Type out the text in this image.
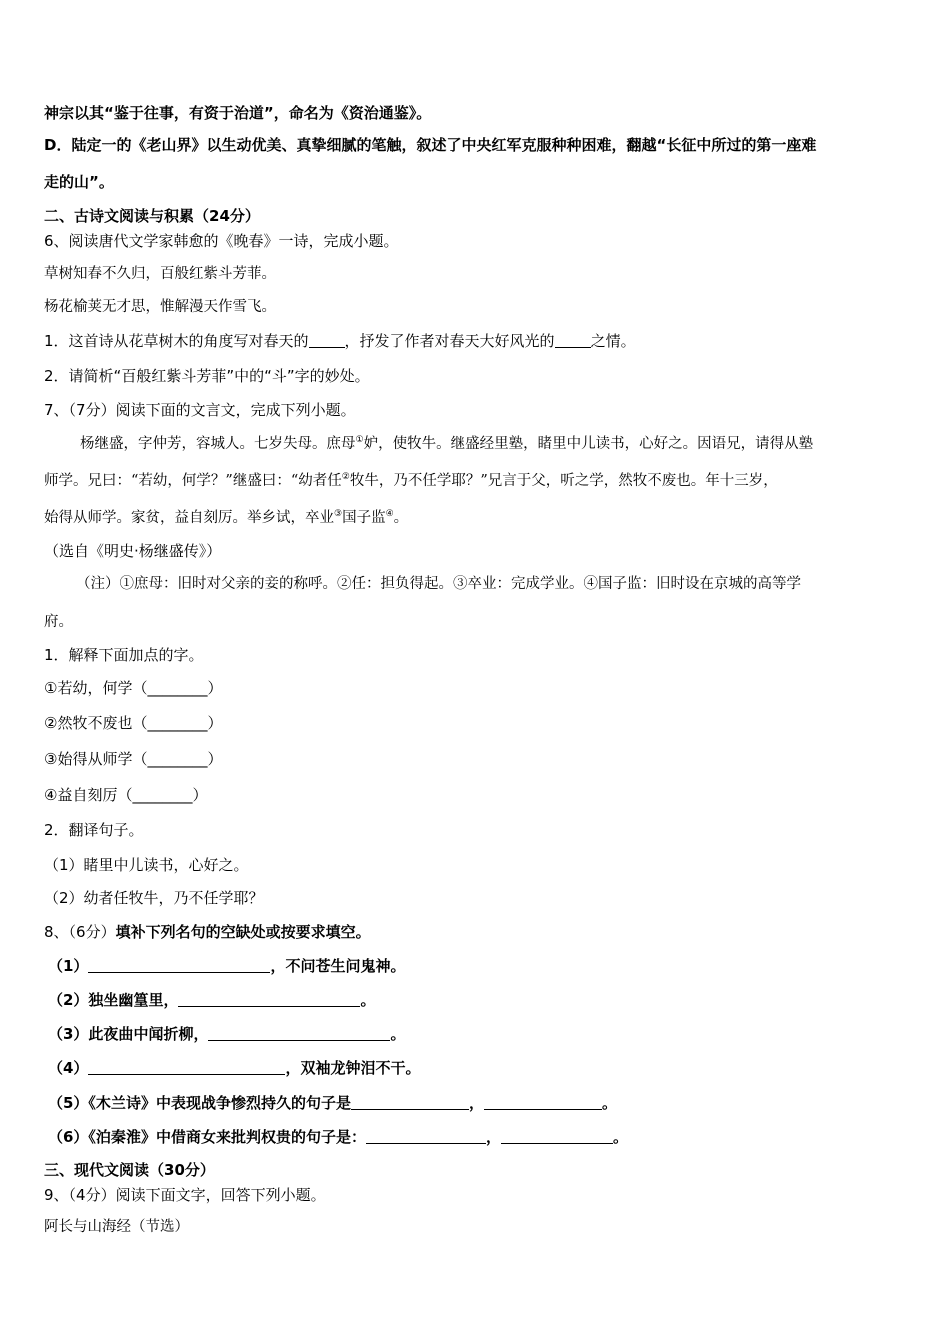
神宗以其“鉴于往事，有资于治道”，命名为《资治通鉴》。
D．陆定一的《老山界》以生动优美、真挚细腻的笔触，叙述了中央红军克服种种困难，翻越“长征中所过的第一座难
走的山”。
二、古诗文阅读与积累（24分）
6、阅读唐代文学家韩愈的《晚春》一诗，完成小题。
草树知春不久归，百般红紫斗芳菲。
杨花榆荚无才思，惟解漫天作雪飞。
1．这首诗从花草树木的角度写对春天的 ，抒发了作者对春天大好风光的 之情。
2．请简析“百般红紫斗芳菲”中的“斗”字的妙处。
7、（7分）阅读下面的文言文，完成下列小题。
杨继盛，字仲芳，容城人。七岁失母。庶母①妒，使牧牛。继盛经里塾，睹里中儿读书，心好之。因语兄，请得从塾
师学。兄曰：“若幼，何学？”继盛曰：“幼者任②牧牛，乃不任学耶？”兄言于父，听之学，然牧不废也。年十三岁，
始得从师学。家贫，益自刻厉。举乡试，卒业③国子监④。
（选自《明史·杨继盛传》）
（注）①庶母：旧时对父亲的妾的称呼。②任：担负得起。③卒业：完成学业。④国子监：旧时设在京城的高等学
府。
1．解释下面加点的字。
①若幼，何学（________）
②然牧不废也（________）
③始得从师学（________）
④益自刻厉（________）
2．翻译句子。
（1）睹里中儿读书，心好之。
（2）幼者任牧牛，乃不任学耶？
8、（6分）填补下列名句的空缺处或按要求填空。
（1）	，不问苍生问鬼神。
（2）独坐幽篁里，	。
（3）此夜曲中闻折柳，	。
（4）	，双袖龙钟泪不干。
（5）《木兰诗》中表现战争惨烈持久的句子是	，	。
（6）《泊秦淮》中借商女来批判权贵的句子是：	，	。
三、现代文阅读（30分）
9、（4分）阅读下面文字，回答下列小题。
阿长与山海经（节选）
